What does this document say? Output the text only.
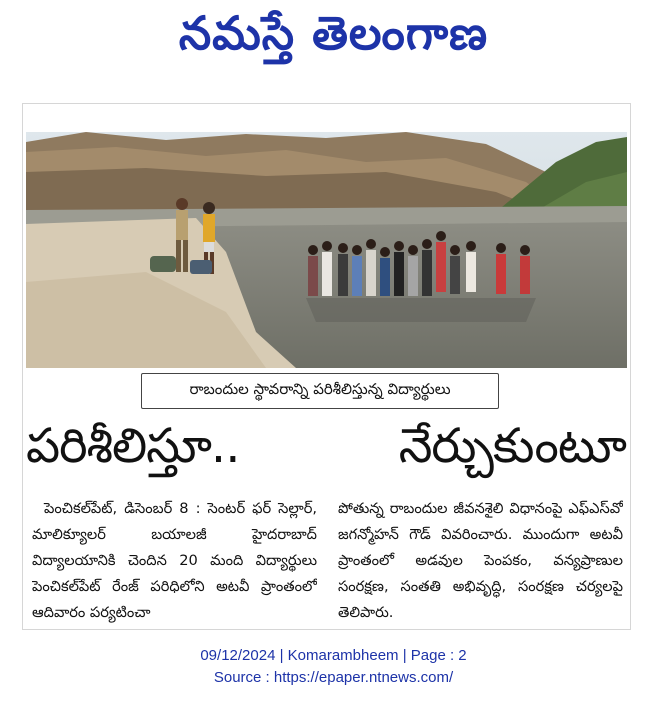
నమస్తే తెలంగాణ
రాబందుల స్థావరాన్ని పరిశీలిస్తున్న విద్యార్థులు
పరిశీలిస్తూ..	నేర్చుకుంటూ

పెంచికల్‌పేట్, డిసెంబర్ 8 : సెంటర్ ఫర్ సెల్లార్, మాలిక్యూలర్ బయాలజీ హైదరాబాద్ విద్యాలయానికి చెందిన 20 మంది విద్యార్థులు పెంచికల్‌పేట్ రేంజ్ పరిధిలోని అటవీ ప్రాంతంలో ఆదివారం పర్యటించా

పోతున్న రాబందుల జీవనశైలి విధానంపై ఎఫ్‌ఎస్‌వో జగన్మోహన్ గౌడ్ వివరించారు. ముందుగా అటవీ ప్రాంతంలో అడవుల పెంపకం, వన్యప్రాణుల సంరక్షణ, సంతతి అభివృద్ధి, సంరక్షణ చర్యలపై తెలిపారు.

09/12/2024 | Komarambheem | Page : 2
Source : https://epaper.ntnews.com/
